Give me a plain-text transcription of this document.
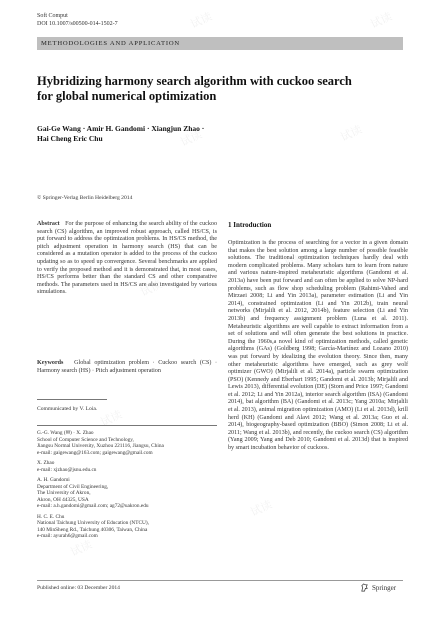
试读	试读
试读	试读
试读
试读
试读
试读
试读
试读
Soft Comput
DOI 10.1007/s00500-014-1502-7
METHODOLOGIES AND APPLICATION
Hybridizing harmony search algorithm with cuckoo search
for global numerical optimization
Gai-Ge Wang · Amir H. Gandomi · Xiangjun Zhao ·
Hai Cheng Eric Chu
© Springer-Verlag Berlin Heidelberg 2014
Abstract For the purpose of enhancing the search ability of the cuckoo search (CS) algorithm, an improved robust approach, called HS/CS, is put forward to address the optimization problems. In HS/CS method, the pitch adjustment operation in harmony search (HS) that can be considered as a mutation operator is added to the process of the cuckoo updating so as to speed up convergence. Several benchmarks are applied to verify the proposed method and it is demonstrated that, in most cases, HS/CS performs better than the standard CS and other comparative methods. The parameters used in HS/CS are also investigated by various simulations.
Keywords Global optimization problem · Cuckoo search (CS) · Harmony search (HS) · Pitch adjustment operation
Communicated by V. Loia.
G.-G. Wang (✉) · X. Zhao
School of Computer Science and Technology,
Jiangsu Normal University, Xuzhou 221116, Jiangsu, China
e-mail: gaigewang@163.com; gaigewang@gmail.com
X. Zhao
e-mail: xjzhao@jsnu.edu.cn
A. H. Gandomi
Department of Civil Engineering,
The University of Akron,
Akron, OH 44325, USA
e-mail: a.h.gandomi@gmail.com; ag72@uakron.edu
H. C. E. Chu
National Taichung University of Education (NTCU),
140 MinSheng Rd., Taichung 40306, Taiwan, China
e-mail: ayurah6@gmail.com
1 Introduction
Optimization is the process of searching for a vector in a given domain that makes the best solution among a large number of possible feasible solutions. The traditional optimization techniques hardly deal with modern complicated problems. Many scholars turn to learn from nature and various nature-inspired metaheuristic algorithms (Gandomi et al. 2013a) have been put forward and can often be applied to solve NP-hard problems, such as flow shop scheduling problem (Rahimi-Vahed and Mirzaei 2008; Li and Yin 2013a), parameter estimation (Li and Yin 2014), constrained optimization (Li and Yin 2012b), train neural networks (Mirjalili et al. 2012, 2014b), feature selection (Li and Yin 2013b) and frequency assignment problem (Luna et al. 2011). Metaheuristic algorithms are well capable to extract information from a set of solutions and will often generate the best solutions in practice. During the 1960s,a novel kind of optimization methods, called genetic algorithms (GAs) (Goldberg 1998; García-Martínez and Lozano 2010) was put forward by idealizing the evolution theory. Since then, many other metaheuristic algorithms have emerged, such as grey wolf optimizer (GWO) (Mirjalili et al. 2014a), particle swarm optimization (PSO) (Kennedy and Eberhart 1995; Gandomi et al. 2013b; Mirjalili and Lewis 2013), differential evolution (DE) (Storn and Price 1997; Gandomi et al. 2012; Li and Yin 2012a), interior search algorithm (ISA) (Gandomi 2014), bat algorithm (BA) (Gandomi et al. 2013c; Yang 2010a; Mirjalili et al. 2013), animal migration optimization (AMO) (Li et al. 2013d), krill herd (KH) (Gandomi and Alavi 2012; Wang et al. 2013a; Guo et al. 2014), biogeography-based optimization (BBO) (Simon 2008; Li et al. 2011; Wang et al. 2013b), and recently, the cuckoo search (CS) algorithm (Yang 2009; Yang and Deb 2010; Gandomi et al. 2013d) that is inspired by smart incubation behavior of cuckoos.
Published online: 03 December 2014	Springer
